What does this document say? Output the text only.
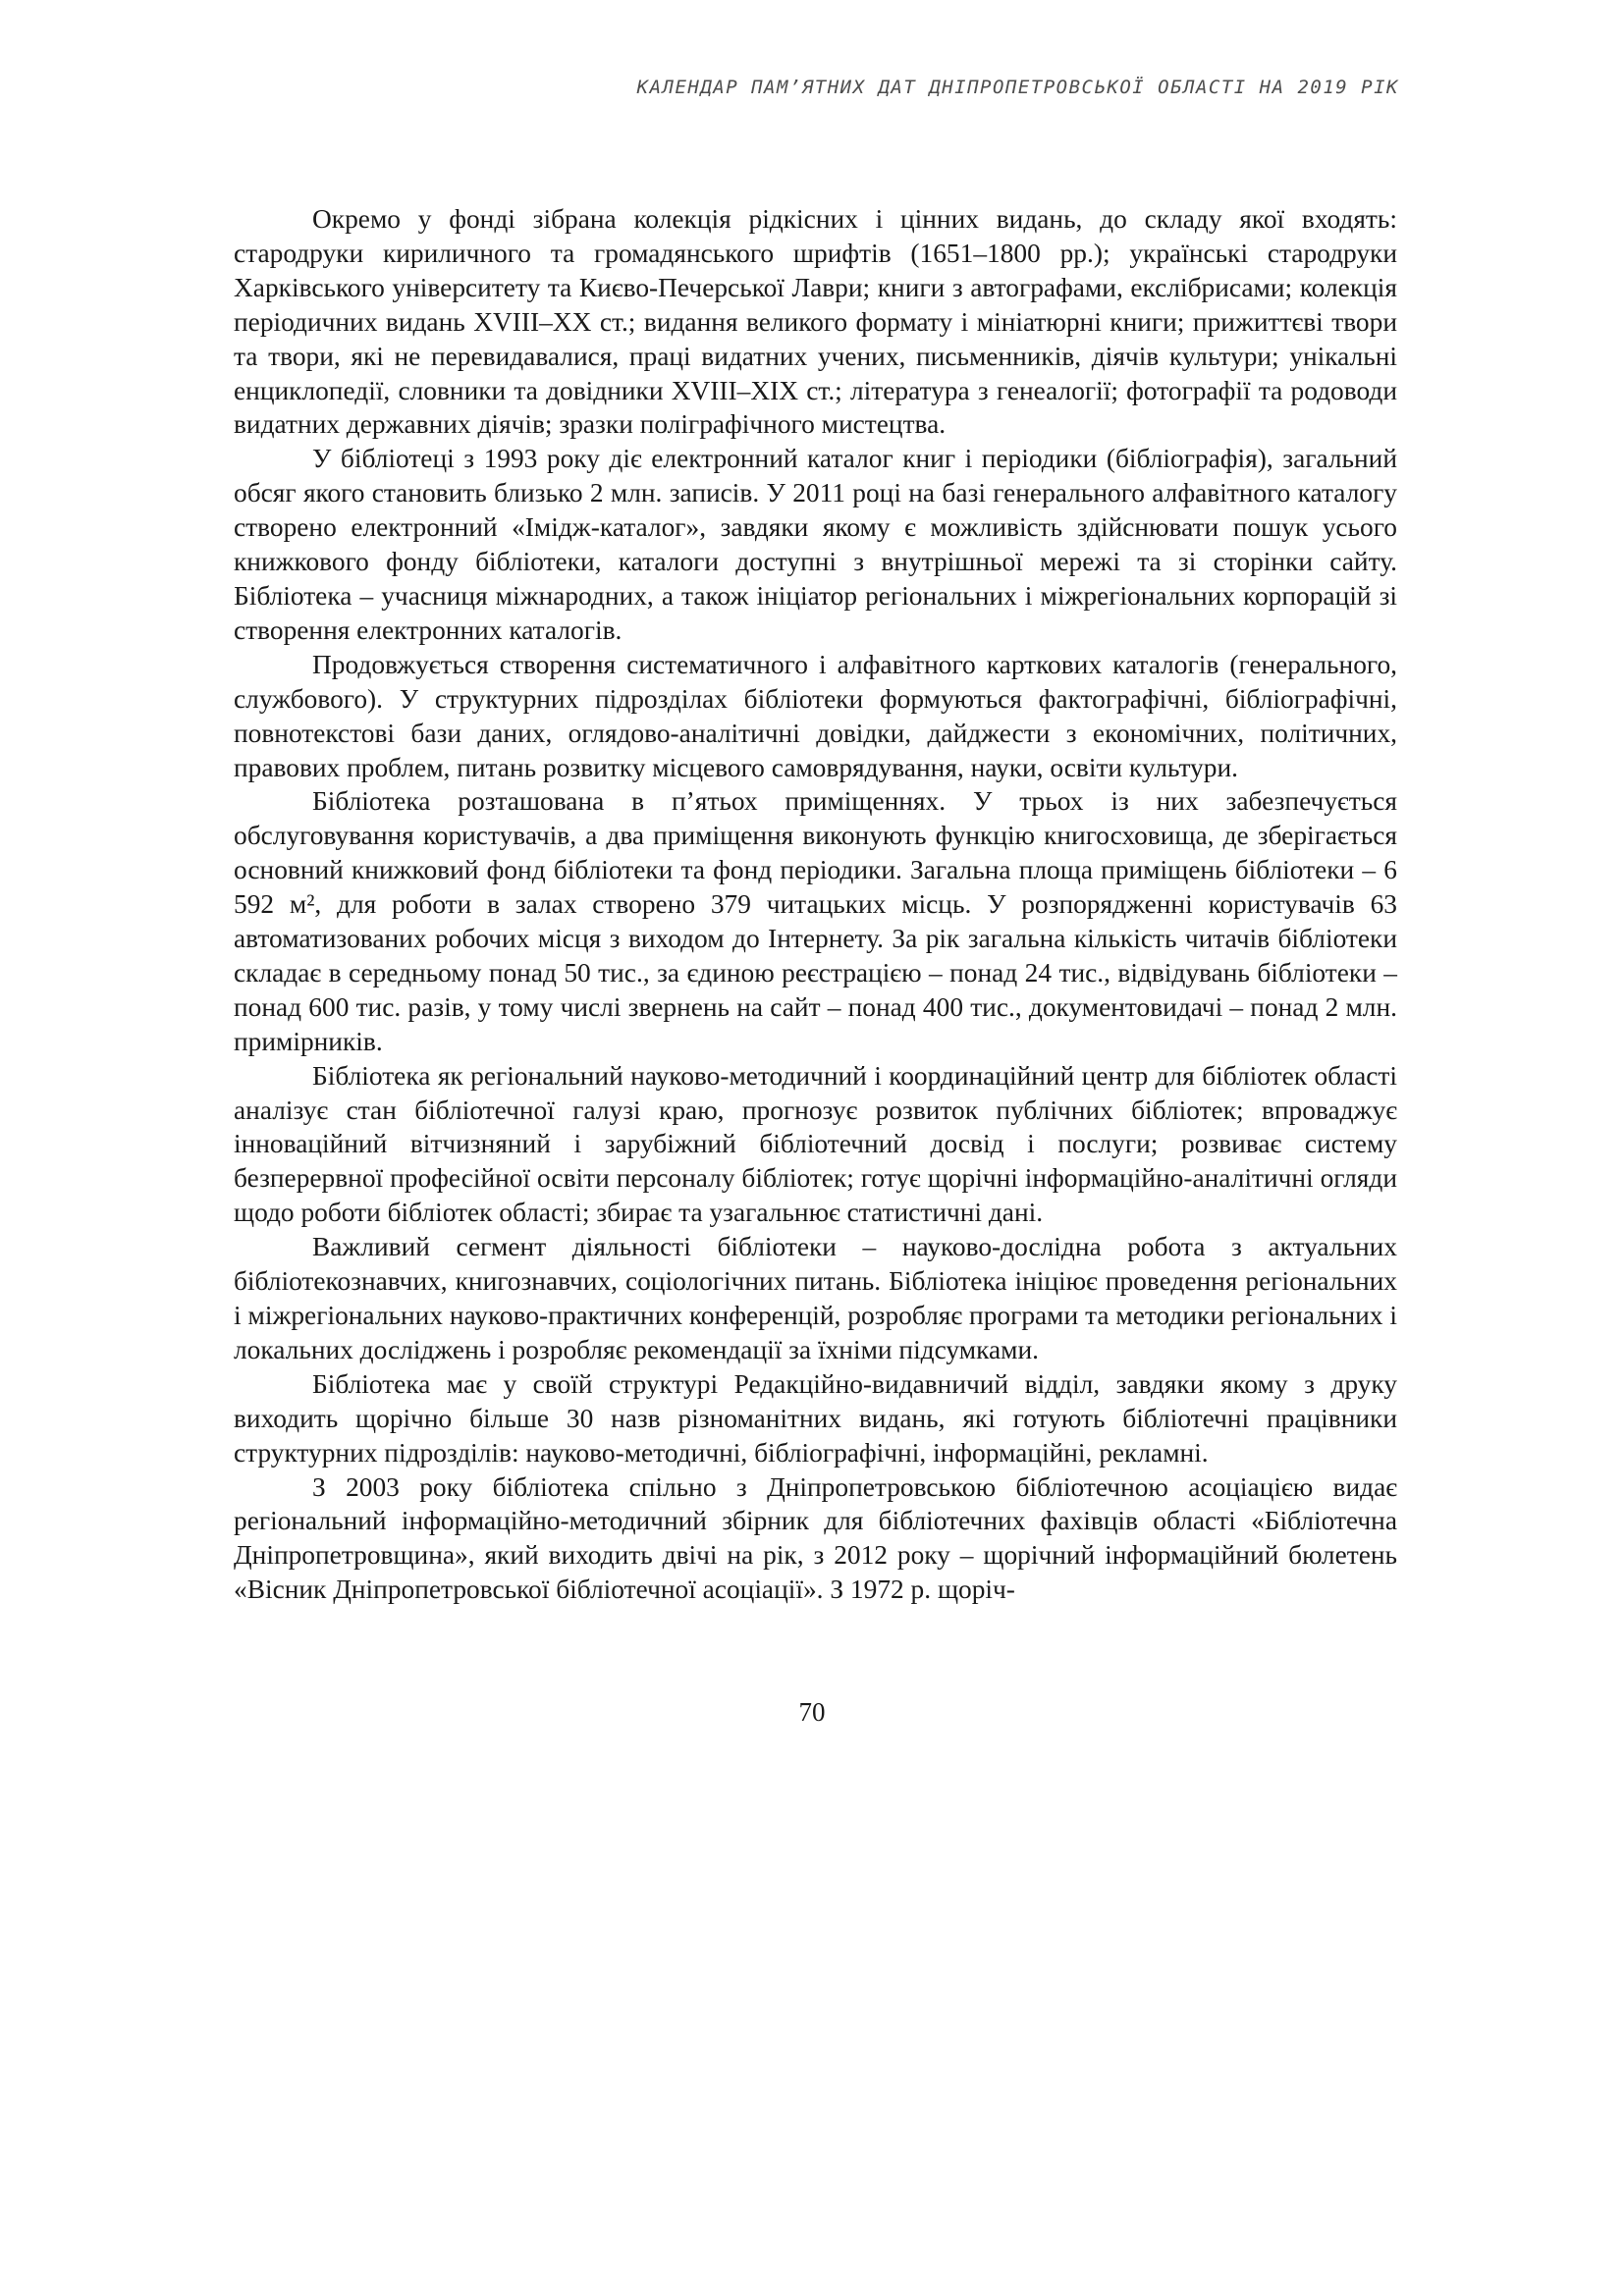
КАЛЕНДАР ПАМ’ЯТНИХ ДАТ ДНІПРОПЕТРОВСЬКОЇ ОБЛАСТІ НА 2019 РІК

Окремо у фонді зібрана колекція рідкісних і цінних видань, до складу якої входять: стародруки кириличного та громадянського шрифтів (1651–1800 рр.); українські стародруки Харківського університету та Києво-Печерської Лаври; книги з автографами, екслібрисами; колекція періодичних видань XVIII–XX ст.; видання великого формату і мініатюрні книги; прижиттєві твори та твори, які не перевидавалися, праці видатних учених, письменників, діячів культури; унікальні енциклопедії, словники та довідники XVIII–XIX ст.; література з генеалогії; фотографії та родоводи видатних державних діячів; зразки поліграфічного мистецтва.

У бібліотеці з 1993 року діє електронний каталог книг і періодики (бібліографія), загальний обсяг якого становить близько 2 млн. записів. У 2011 році на базі генерального алфавітного каталогу створено електронний «Імідж-каталог», завдяки якому є можливість здійснювати пошук усього книжкового фонду бібліотеки, каталоги доступні з внутрішньої мережі та зі сторінки сайту. Бібліотека – учасниця міжнародних, а також ініціатор регіональних і міжрегіональних корпорацій зі створення електронних каталогів.

Продовжується створення систематичного і алфавітного карткових каталогів (генерального, службового). У структурних підрозділах бібліотеки формуються фактографічні, бібліографічні, повнотекстові бази даних, оглядово-аналітичні довідки, дайджести з економічних, політичних, правових проблем, питань розвитку місцевого самоврядування, науки, освіти культури.

Бібліотека розташована в п’ятьох приміщеннях. У трьох із них забезпечується обслуговування користувачів, а два приміщення виконують функцію книгосховища, де зберігається основний книжковий фонд бібліотеки та фонд періодики. Загальна площа приміщень бібліотеки – 6 592 м², для роботи в залах створено 379 читацьких місць. У розпорядженні користувачів 63 автоматизованих робочих місця з виходом до Інтернету. За рік загальна кількість читачів бібліотеки складає в середньому понад 50 тис., за єдиною реєстрацією – понад 24 тис., відвідувань бібліотеки – понад 600 тис. разів, у тому числі звернень на сайт – понад 400 тис., документовидачі – понад 2 млн. примірників.

Бібліотека як регіональний науково-методичний і координаційний центр для бібліотек області аналізує стан бібліотечної галузі краю, прогнозує розвиток публічних бібліотек; впроваджує інноваційний вітчизняний і зарубіжний бібліотечний досвід і послуги; розвиває систему безперервної професійної освіти персоналу бібліотек; готує щорічні інформаційно-аналітичні огляди щодо роботи бібліотек області; збирає та узагальнює статистичні дані.

Важливий сегмент діяльності бібліотеки – науково-дослідна робота з актуальних бібліотекознавчих, книгознавчих, соціологічних питань. Бібліотека ініціює проведення регіональних і міжрегіональних науково-практичних конференцій, розробляє програми та методики регіональних і локальних досліджень і розробляє рекомендації за їхніми підсумками.

Бібліотека має у своїй структурі Редакційно-видавничий відділ, завдяки якому з друку виходить щорічно більше 30 назв різноманітних видань, які готують бібліотечні працівники структурних підрозділів: науково-методичні, бібліографічні, інформаційні, рекламні.

З 2003 року бібліотека спільно з Дніпропетровською бібліотечною асоціацією видає регіональний інформаційно-методичний збірник для бібліотечних фахівців області «Бібліотечна Дніпропетровщина», який виходить двічі на рік, з 2012 року – щорічний інформаційний бюлетень «Вісник Дніпропетровської бібліотечної асоціації». З 1972 р. щоріч-

70
